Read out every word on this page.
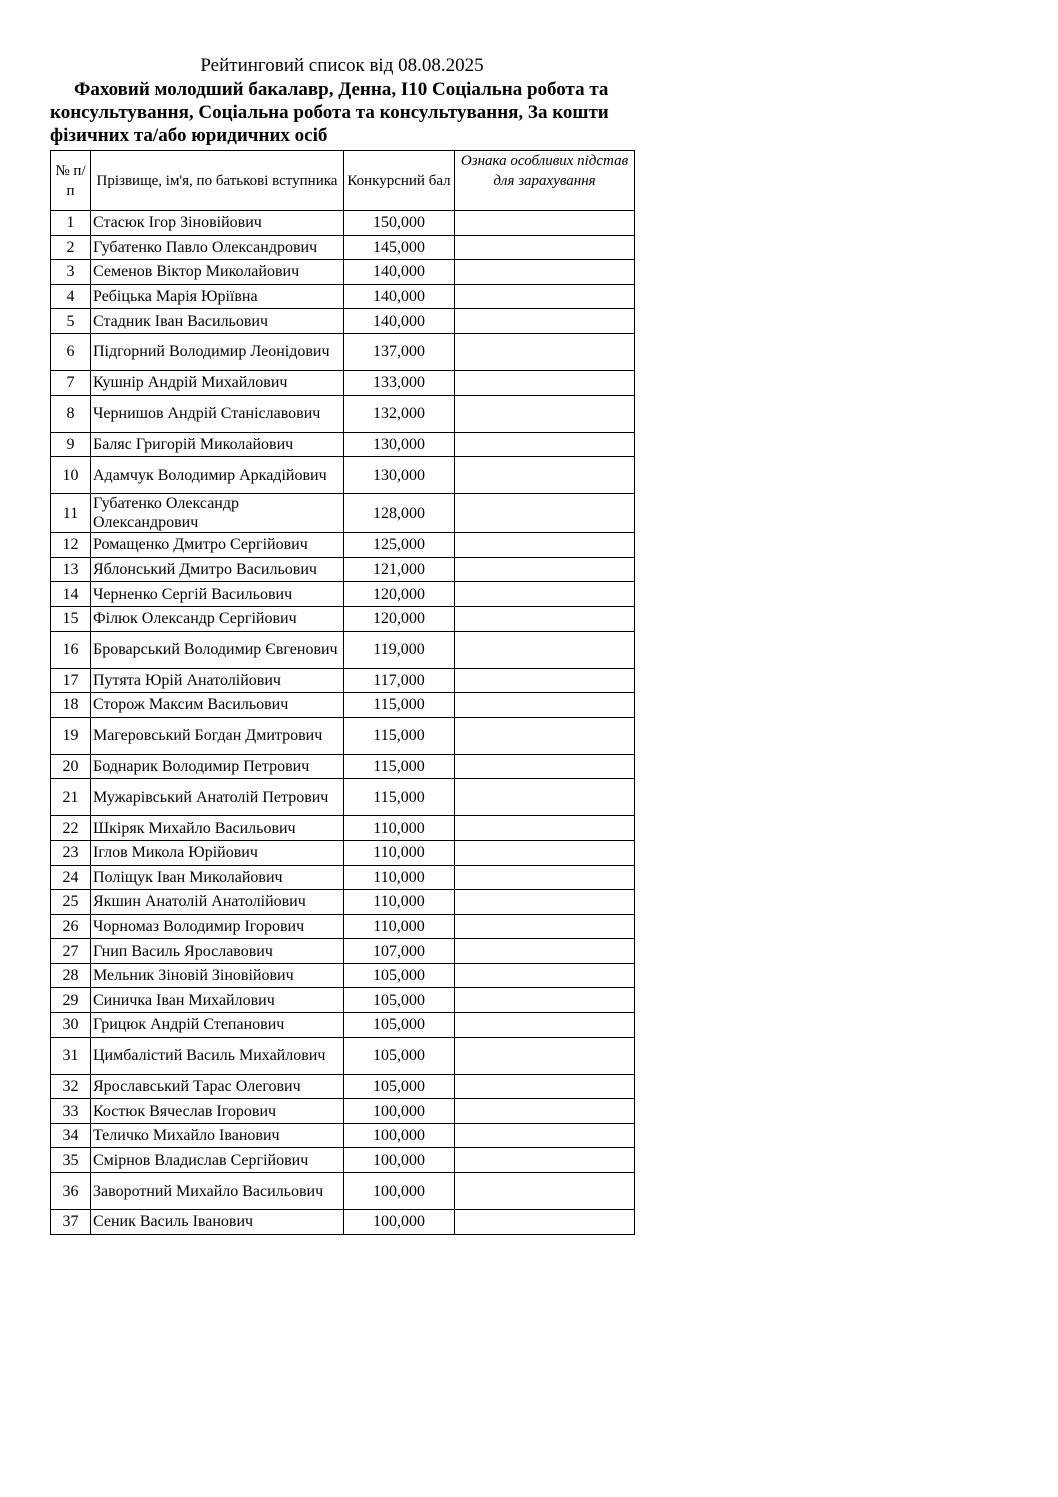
Рейтинговий список від 08.08.2025
Фаховий молодший бакалавр, Денна, I10 Соціальна робота та консультування, Соціальна робота та консультування, За кошти фізичних та/або юридичних осіб
№ п/п	Прізвище, ім'я, по батькові вступника	Конкурсний бал	Ознака особливих підстав для зарахування
1	Стасюк Ігор Зіновійович	150,000	
2	Губатенко Павло Олександрович	145,000	
3	Семенов Віктор Миколайович	140,000	
4	Ребіцька Марія Юріївна	140,000	
5	Стадник Іван Васильович	140,000	
6	Підгорний Володимир Леонідович	137,000	
7	Кушнір Андрій Михайлович	133,000	
8	Чернишов Андрій Станіславович	132,000	
9	Баляс Григорій Миколайович	130,000	
10	Адамчук Володимир Аркадійович	130,000	
11	Губатенко Олександр Олександрович	128,000	
12	Ромащенко Дмитро Сергійович	125,000	
13	Яблонський Дмитро Васильович	121,000	
14	Черненко Сергій Васильович	120,000	
15	Філюк Олександр Сергійович	120,000	
16	Броварський Володимир Євгенович	119,000	
17	Путята Юрій Анатолійович	117,000	
18	Сторож Максим Васильович	115,000	
19	Магеровський Богдан Дмитрович	115,000	
20	Боднарик Володимир Петрович	115,000	
21	Мужарівський Анатолій Петрович	115,000	
22	Шкіряк Михайло Васильович	110,000	
23	Іглов Микола Юрійович	110,000	
24	Поліщук Іван Миколайович	110,000	
25	Якшин Анатолій Анатолійович	110,000	
26	Чорномаз Володимир Ігорович	110,000	
27	Гнип Василь Ярославович	107,000	
28	Мельник Зіновій Зіновійович	105,000	
29	Синичка Іван Михайлович	105,000	
30	Грицюк Андрій Степанович	105,000	
31	Цимбалістий Василь Михайлович	105,000	
32	Ярославський Тарас Олегович	105,000	
33	Костюк Вячеслав Ігорович	100,000	
34	Теличко Михайло Іванович	100,000	
35	Смірнов Владислав Сергійович	100,000	
36	Заворотний Михайло Васильович	100,000	
37	Сеник Василь Іванович	100,000	
